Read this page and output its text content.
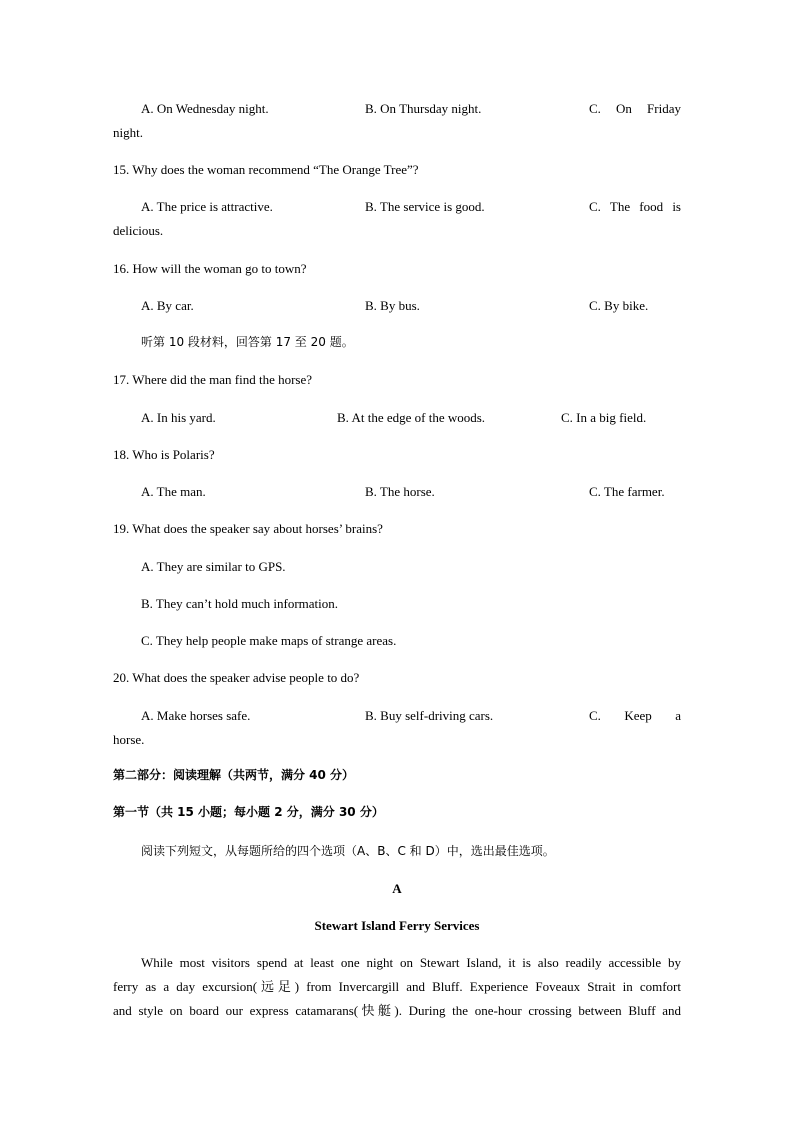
A. On Wednesday night.	B. On Thursday night.	C.　On　Friday
night.
15. Why does the woman recommend “The Orange Tree”?
A. The price is attractive.	B. The service is good.	C. The food is
delicious.
16. How will the woman go to town?
A. By car.	B. By bus.	C. By bike.
听第 10 段材料，回答第 17 至 20 题。
17. Where did the man find the horse?
A. In his yard.	B. At the edge of the woods.	C. In a big field.
18. Who is Polaris?
A. The man.	B. The horse.	C. The farmer.
19. What does the speaker say about horses’ brains?
A. They are similar to GPS.
B. They can’t hold much information.
C. They help people make maps of strange areas.
20. What does the speaker advise people to do?
A. Make horses safe.	B. Buy self-driving cars.	C.　Keep　a
horse.
第二部分：阅读理解（共两节，满分 40 分）
第一节（共 15 小题；每小题 2 分，满分 30 分）
阅读下列短文，从每题所给的四个选项（A、B、C 和 D）中，选出最佳选项。
A
Stewart Island Ferry Services
While most visitors spend at least one night on Stewart Island, it is also readily accessible by
ferry as a day excursion(远足) from Invercargill and Bluff. Experience Foveaux Strait in comfort
and style on board our express catamarans(快艇). During the one-hour crossing between Bluff and
